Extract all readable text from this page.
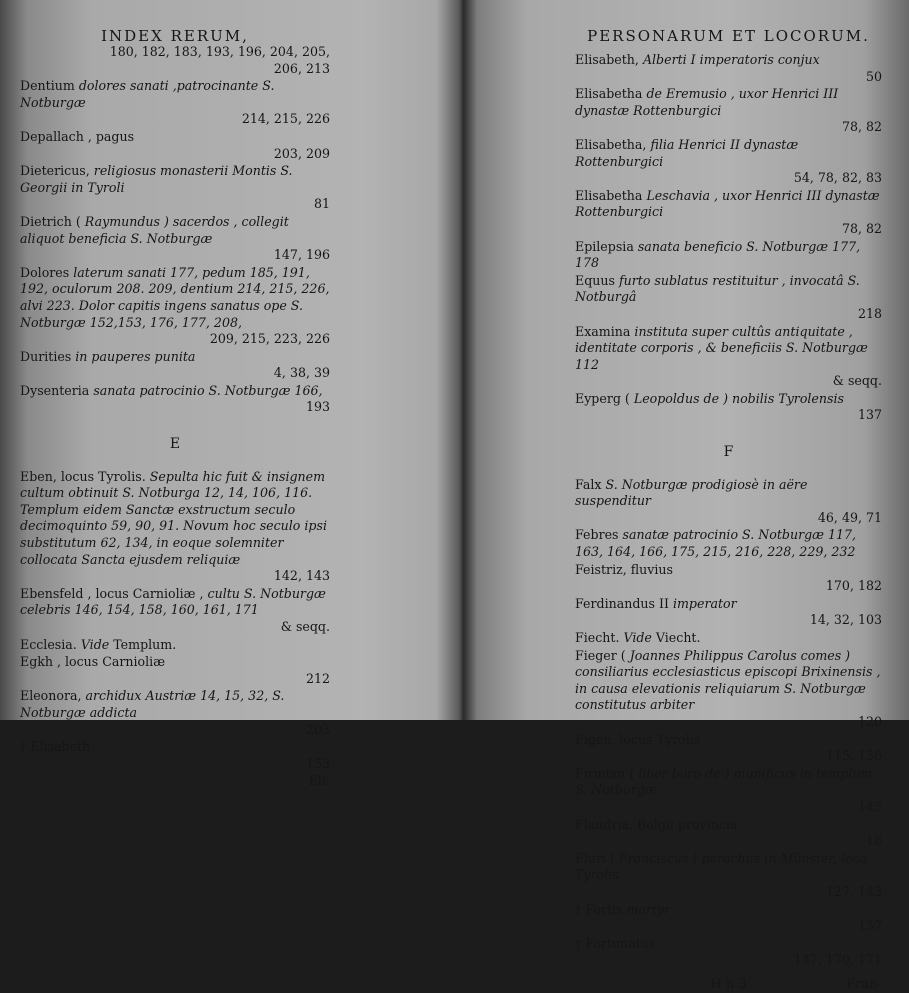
INDEX RERUM,
180, 182, 183, 193, 196, 204, 205,
206, 213
Dentium dolores sanati ,patrocinante S. Notburgæ
214, 215, 226
Depallach , pagus
203, 209
Dietericus, religiosus monasterii Montis S. Georgii in Tyroli
81
Dietrich ( Raymundus ) sacerdos , collegit aliquot beneficia S. Notburgæ
147, 196
Dolores laterum sanati 177, pedum 185, 191, 192, oculorum 208. 209, dentium 214, 215, 226, alvi 223. Dolor capitis ingens sanatus ope S. Notburgæ 152,153, 176, 177, 208,
209, 215, 223, 226
Durities in pauperes punita
4, 38, 39
Dysenteria sanata patrocinio S. Notburgæ 166,
193
E
Eben, locus Tyrolis. Sepulta hic fuit & insignem cultum obtinuit S. Notburga 12, 14, 106, 116. Templum eidem Sanctæ exstructum seculo decimoquinto 59, 90, 91. Novum hoc seculo ipsi substitutum 62, 134, in eoque solemniter collocata Sancta ejusdem reliquiæ
142, 143
Ebensfeld , locus Carnioliæ , cultu S. Notburgæ celebris 146, 154, 158, 160, 161, 171
& seqq.
Ecclesia. Vide Templum.
Egkh , locus Carnioliæ
212
Eleonora, archidux Austriæ 14, 15, 32, S. Notburgæ addicta
203
† Elisabeth
153
Eli-
PERSONARUM ET LOCORUM.
Elisabeth, Alberti I imperatoris conjux
50
Elisabetha de Eremusio , uxor Henrici III dynastæ Rottenburgici
78, 82
Elisabetha, filia Henrici II dynastæ Rottenburgici
54, 78, 82, 83
Elisabetha Leschavia , uxor Henrici III dynastæ Rottenburgici
78, 82
Epilepsia sanata beneficio S. Notburgæ 177, 178
Equus furto sublatus restituitur , invocatâ S. Notburgâ
218
Examina instituta super cultûs antiquitate , identitate corporis , & beneficiis S. Notburgæ 112
& seqq.
Eyperg ( Leopoldus de ) nobilis Tyrolensis
137
F
Falx S. Notburgæ prodigiosè in aëre suspenditur
46, 49, 71
Febres sanatæ patrocinio S. Notburgæ 117, 163, 164, 166, 175, 215, 216, 228, 229, 232
Feistriz, fluvius
170, 182
Ferdinandus II imperator
14, 32, 103
Fiecht. Vide Viecht.
Fieger ( Joannes Philippus Carolus comes ) consiliarius ecclesiasticus episcopi Brixinensis , in causa elevationis reliquiarum S. Notburgæ constitutus arbiter
120
Figen, locus Tyrolis
115, 136
Firmian ( liber baro de ) munificus in templum S. Notburgæ
145
Flandria, Belgii provincia
18
Fluri ( Franciscus ) parochus in Münster, loco Tyrolis
127, 143
† Fortis martyr
157
† Fortunatus
147, 170, 171
H h 3	Fran-
